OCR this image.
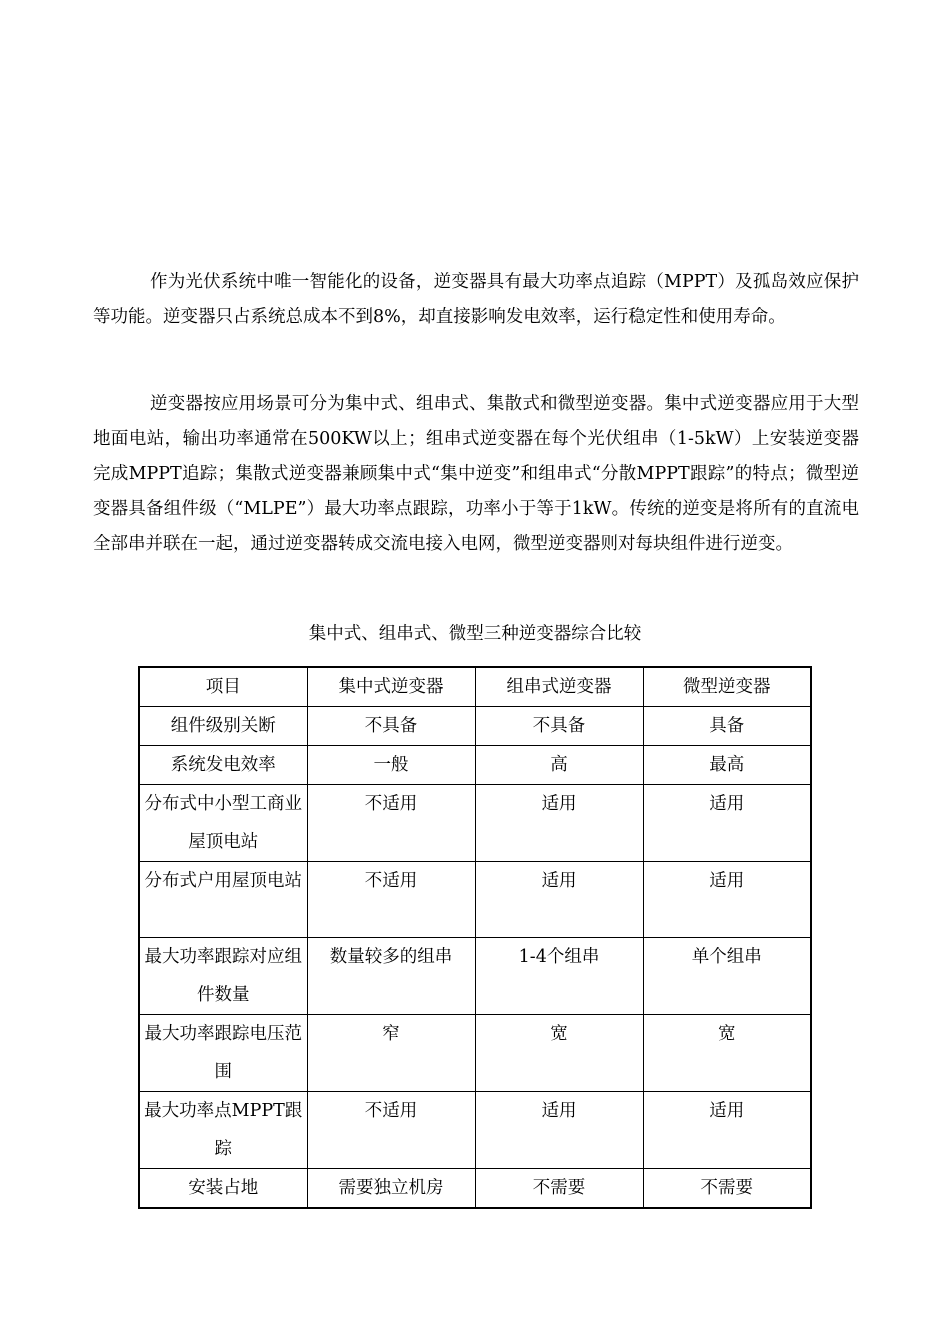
作为光伏系统中唯一智能化的设备，逆变器具有最大功率点追踪（MPPT）及孤岛效应保护等功能。逆变器只占系统总成本不到8%，却直接影响发电效率，运行稳定性和使用寿命。

逆变器按应用场景可分为集中式、组串式、集散式和微型逆变器。集中式逆变器应用于大型地面电站，输出功率通常在500KW以上；组串式逆变器在每个光伏组串（1-5kW）上安装逆变器完成MPPT追踪；集散式逆变器兼顾集中式“集中逆变”和组串式“分散MPPT跟踪”的特点；微型逆变器具备组件级（“MLPE”）最大功率点跟踪，功率小于等于1kW。传统的逆变是将所有的直流电全部串并联在一起，通过逆变器转成交流电接入电网，微型逆变器则对每块组件进行逆变。

集中式、组串式、微型三种逆变器综合比较

项目	集中式逆变器	组串式逆变器	微型逆变器
组件级别关断	不具备	不具备	具备
系统发电效率	一般	高	最高
分布式中小型工商业屋顶电站	不适用	适用	适用
分布式户用屋顶电站	不适用	适用	适用
最大功率跟踪对应组件数量	数量较多的组串	1-4个组串	单个组串
最大功率跟踪电压范围	窄	宽	宽
最大功率点MPPT跟踪	不适用	适用	适用
安装占地	需要独立机房	不需要	不需要
